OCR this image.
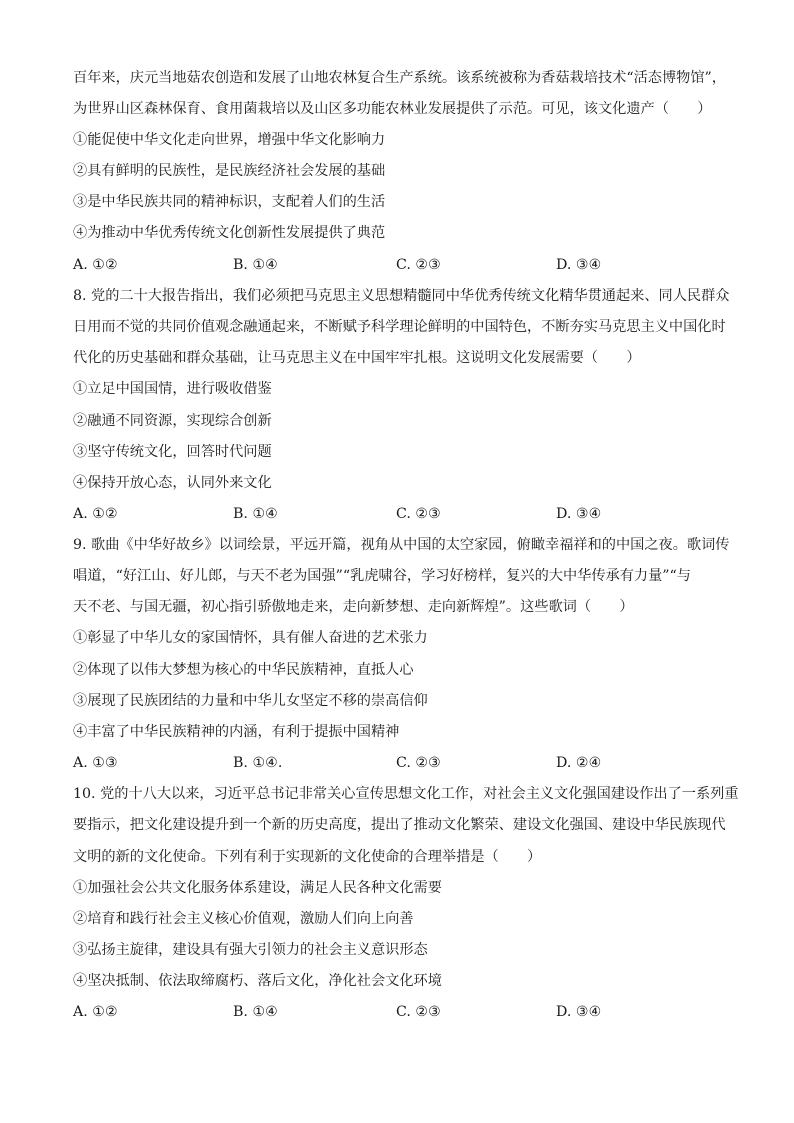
百年来，庆元当地菇农创造和发展了山地农林复合生产系统。该系统被称为香菇栽培技术“活态博物馆”，
为世界山区森林保育、食用菌栽培以及山区多功能农林业发展提供了示范。可见，该文化遗产（　　）
①能促使中华文化走向世界，增强中华文化影响力
②具有鲜明的民族性，是民族经济社会发展的基础
③是中华民族共同的精神标识，支配着人们的生活
④为推动中华优秀传统文化创新性发展提供了典范
A. ①②	B. ①④	C. ②③	D. ③④
8. 党的二十大报告指出，我们必须把马克思主义思想精髓同中华优秀传统文化精华贯通起来、同人民群众
日用而不觉的共同价值观念融通起来，不断赋予科学理论鲜明的中国特色，不断夯实马克思主义中国化时
代化的历史基础和群众基础，让马克思主义在中国牢牢扎根。这说明文化发展需要（　　）
①立足中国国情，进行吸收借鉴
②融通不同资源，实现综合创新
③坚守传统文化，回答时代问题
④保持开放心态，认同外来文化
A. ①②	B. ①④	C. ②③	D. ③④
9. 歌曲《中华好故乡》以词绘景，平远开篇，视角从中国的太空家园，俯瞰幸福祥和的中国之夜。歌词传
唱道，“好江山、好儿郎，与天不老为国强”“乳虎啸谷，学习好榜样，复兴的大中华传承有力量”“与
天不老、与国无疆，初心指引骄傲地走来，走向新梦想、走向新辉煌”。这些歌词（　　）
①彰显了中华儿女的家国情怀，具有催人奋进的艺术张力
②体现了以伟大梦想为核心的中华民族精神，直抵人心
③展现了民族团结的力量和中华儿女坚定不移的崇高信仰
④丰富了中华民族精神的内涵，有利于提振中国精神
A. ①③	B. ①④.	C. ②③	D. ②④
10. 党的十八大以来，习近平总书记非常关心宣传思想文化工作，对社会主义文化强国建设作出了一系列重
要指示，把文化建设提升到一个新的历史高度，提出了推动文化繁荣、建设文化强国、建设中华民族现代
文明的新的文化使命。下列有利于实现新的文化使命的合理举措是（　　）
①加强社会公共文化服务体系建设，满足人民各种文化需要
②培育和践行社会主义核心价值观，激励人们向上向善
③弘扬主旋律，建设具有强大引领力的社会主义意识形态
④坚决抵制、依法取缔腐朽、落后文化，净化社会文化环境
A. ①②	B. ①④	C. ②③	D. ③④
